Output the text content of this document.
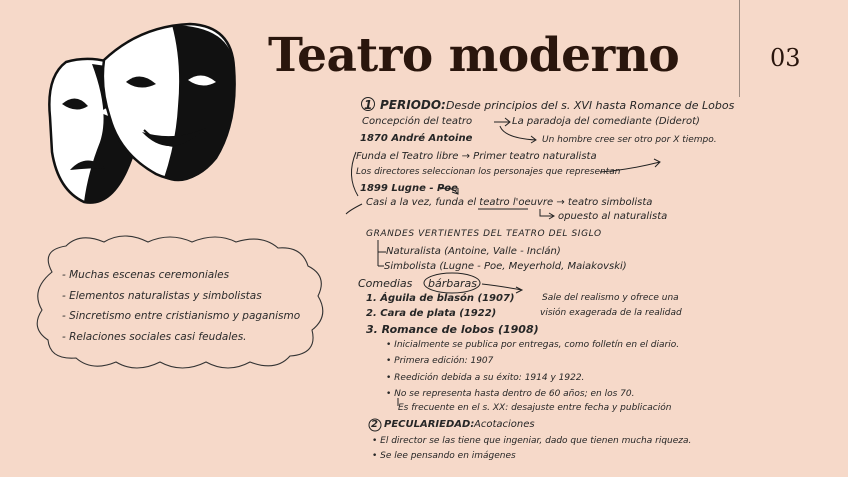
Teatro moderno	03
- Muchas escenas ceremoniales
- Elementos naturalistas y simbolistas
- Sincretismo entre cristianismo y paganismo
- Relaciones sociales casi feudales.
1 PERIODO: Desde principios del s. XVI hasta Romance de Lobos
Concepción del teatro	La paradoja del comediante (Diderot)
1870 André Antoine	Un hombre cree ser otro por X tiempo.
Funda el Teatro libre → Primer teatro naturalista
Los directores seleccionan los personajes que representan
1899 Lugne - Poe
Casi a la vez, funda el teatro l'oeuvre → teatro simbolista
opuesto al naturalista
GRANDES VERTIENTES DEL TEATRO DEL SIGLO
Naturalista (Antoine, Valle - Inclán)
Simbolista (Lugne - Poe, Meyerhold, Maiakovski)
Comedias bárbaras
1. Águila de blasón (1907)
2. Cara de plata (1922)
Sale del realismo y ofrece una
visión exagerada de la realidad
3. Romance de lobos (1908)
• Inicialmente se publica por entregas, como folletín en el diario.
• Primera edición: 1907
• Reedición debida a su éxito: 1914 y 1922.
• No se representa hasta dentro de 60 años; en los 70.
Es frecuente en el s. XX: desajuste entre fecha y publicación
2 PECULARIEDAD: Acotaciones
• El director se las tiene que ingeniar, dado que tienen mucha riqueza.
• Se lee pensando en imágenes
